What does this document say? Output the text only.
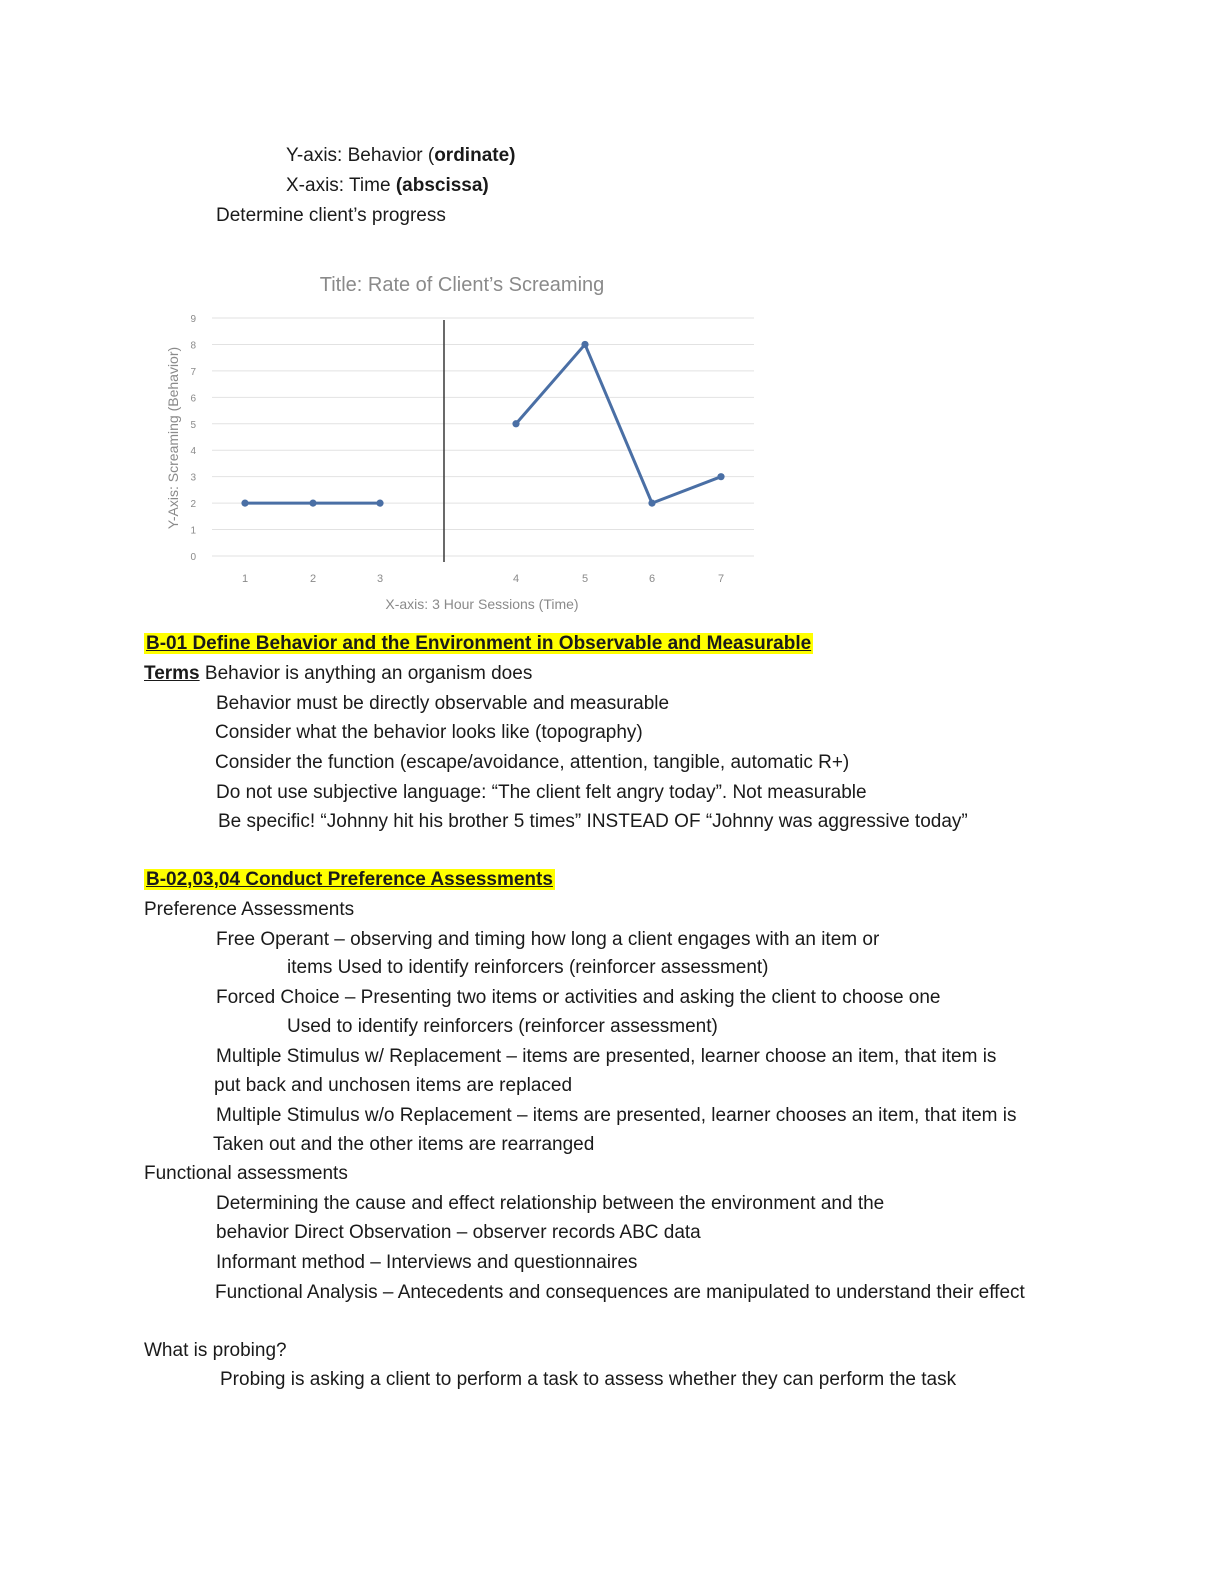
Y-axis: Behavior (ordinate)
X-axis: Time (abscissa)
Determine client’s progress
Title: Rate of Client’s Screaming
0
1
2
3
4
5
6
7
8
9
1	2	3	4	5	6	7
X-axis: 3 Hour Sessions (Time)
Y-Axis: Screaming (Behavior)
B-01 Define Behavior and the Environment in Observable and Measurable
Terms Behavior is anything an organism does
Behavior must be directly observable and measurable
Consider what the behavior looks like (topography)
Consider the function (escape/avoidance, attention, tangible, automatic R+)
Do not use subjective language: “The client felt angry today”. Not measurable
Be specific! “Johnny hit his brother 5 times” INSTEAD OF “Johnny was aggressive today”
B-02,03,04 Conduct Preference Assessments
Preference Assessments
Free Operant – observing and timing how long a client engages with an item or
items Used to identify reinforcers (reinforcer assessment)
Forced Choice – Presenting two items or activities and asking the client to choose one
Used to identify reinforcers (reinforcer assessment)
Multiple Stimulus w/ Replacement – items are presented, learner choose an item, that item is
put back and unchosen items are replaced
Multiple Stimulus w/o Replacement – items are presented, learner chooses an item, that item is
Taken out and the other items are rearranged
Functional assessments
Determining the cause and effect relationship between the environment and the
behavior Direct Observation – observer records ABC data
Informant method – Interviews and questionnaires
Functional Analysis – Antecedents and consequences are manipulated to understand their effect
What is probing?
Probing is asking a client to perform a task to assess whether they can perform the task
